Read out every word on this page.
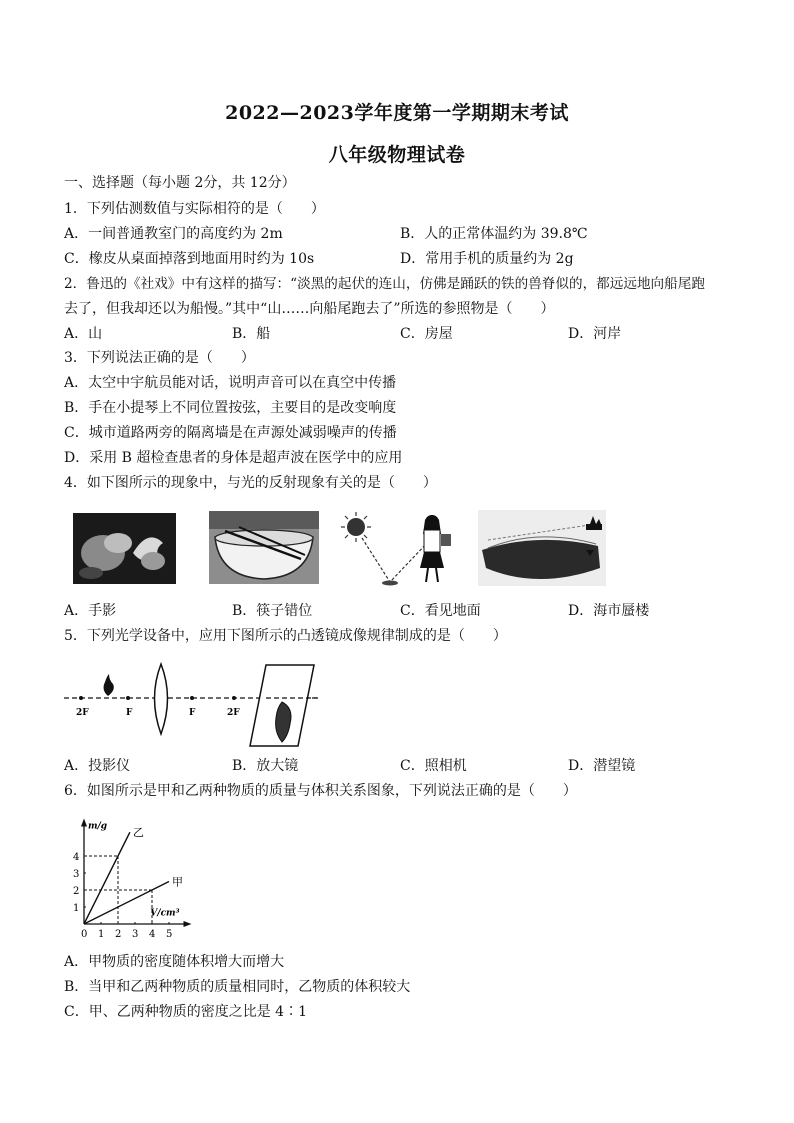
2022—2023学年度第一学期期末考试
八年级物理试卷
一、选择题（每小题 2分，共 12分）
1．下列估测数值与实际相符的是（　　）
A．一间普通教室门的高度约为 2m	B．人的正常体温约为 39.8℃
C．橡皮从桌面掉落到地面用时约为 10s	D．常用手机的质量约为 2g
2．鲁迅的《社戏》中有这样的描写：“淡黑的起伏的连山，仿佛是踊跃的铁的兽脊似的，都远远地向船尾跑
去了，但我却还以为船慢。”其中“山……向船尾跑去了”所选的参照物是（　　）
A．山	B．船	C．房屋	D．河岸
3．下列说法正确的是（　　）
A．太空中宇航员能对话，说明声音可以在真空中传播
B．手在小提琴上不同位置按弦，主要目的是改变响度
C．城市道路两旁的隔离墙是在声源处减弱噪声的传播
D．采用 B 超检查患者的身体是超声波在医学中的应用
4．如下图所示的现象中，与光的反射现象有关的是（　　）
A．手影	B．筷子错位	C．看见地面	D．海市蜃楼
5．下列光学设备中，应用下图所示的凸透镜成像规律制成的是（　　）
2F	F	F	2F
A．投影仪	B．放大镜	C．照相机	D．潜望镜
6．如图所示是甲和乙两种物质的质量与体积关系图象，下列说法正确的是（　　）
m/g
V/cm³
0 1 2 3 4 5
1
2
3
4
乙
甲
A．甲物质的密度随体积增大而增大
B．当甲和乙两种物质的质量相同时，乙物质的体积较大
C．甲、乙两种物质的密度之比是 4∶1
